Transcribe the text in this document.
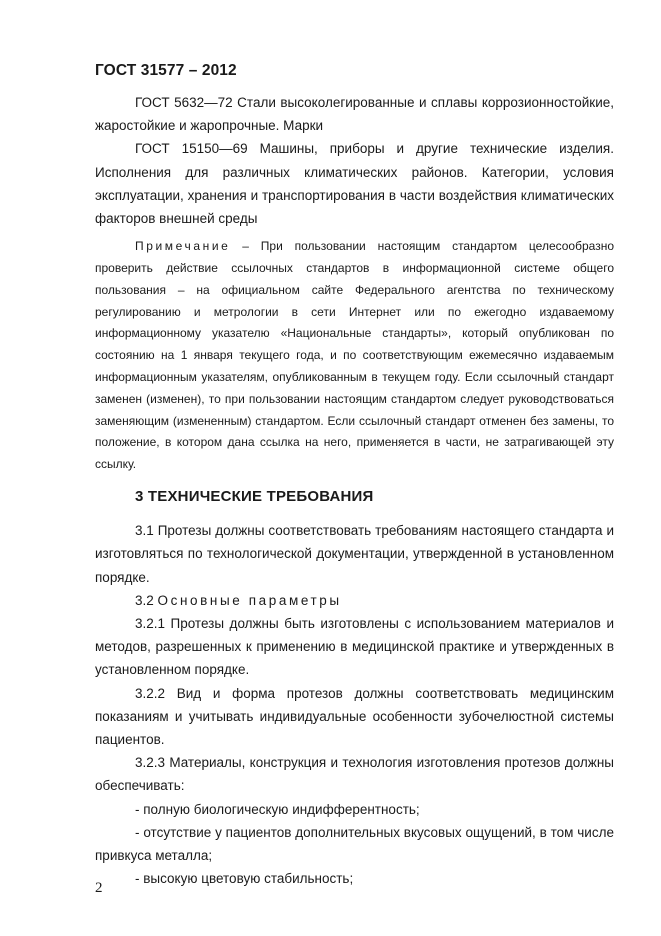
ГОСТ 31577 – 2012

ГОСТ 5632—72 Стали высоколегированные и сплавы коррозионностойкие, жаростойкие и жаропрочные. Марки

ГОСТ 15150—69 Машины, приборы и другие технические изделия. Исполнения для различных климатических районов. Категории, условия эксплуатации, хранения и транспортирования в части воздействия климатических факторов внешней среды

Примечание – При пользовании настоящим стандартом целесообразно проверить действие ссылочных стандартов в информационной системе общего пользования – на официальном сайте Федерального агентства по техническому регулированию и метрологии в сети Интернет или по ежегодно издаваемому информационному указателю «Национальные стандарты», который опубликован по состоянию на 1 января текущего года, и по соответствующим ежемесячно издаваемым информационным указателям, опубликованным в текущем году. Если ссылочный стандарт заменен (изменен), то при пользовании настоящим стандартом следует руководствоваться заменяющим (измененным) стандартом. Если ссылочный стандарт отменен без замены, то положение, в котором дана ссылка на него, применяется в части, не затрагивающей эту ссылку.

3 ТЕХНИЧЕСКИЕ ТРЕБОВАНИЯ

3.1 Протезы должны соответствовать требованиям настоящего стандарта и изготовляться по технологической документации, утвержденной в установленном порядке.

3.2 Основные параметры

3.2.1 Протезы должны быть изготовлены с использованием материалов и методов, разрешенных к применению в медицинской практике и утвержденных в установленном порядке.

3.2.2 Вид и форма протезов должны соответствовать медицинским показаниям и учитывать индивидуальные особенности зубочелюстной системы пациентов.

3.2.3 Материалы, конструкция и технология изготовления протезов должны обеспечивать:

- полную биологическую индифферентность;

- отсутствие у пациентов дополнительных вкусовых ощущений, в том числе привкуса металла;

- высокую цветовую стабильность;

2
